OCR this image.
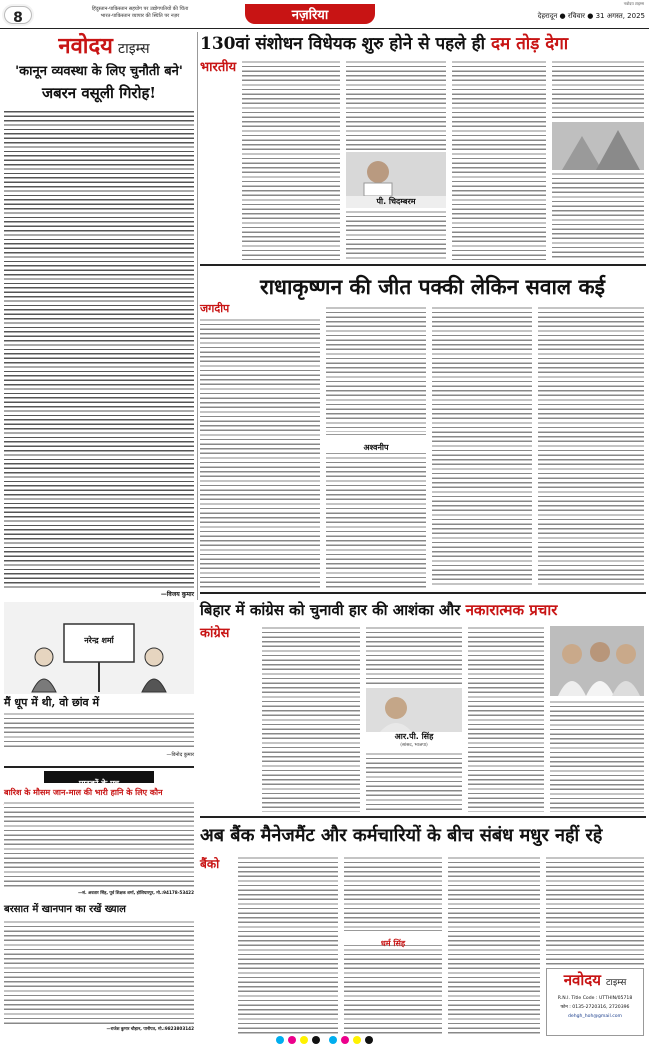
8
हिंदुस्तान-पाकिस्तान सहयोग पर उद्योगपतियों की चिंता
भारत-पाकिस्तान व्यापार की स्थिति पर नज़र	नज़रिया
नवोदय टाइम्स
देहरादून ● रविवार ● 31 अगस्त, 2025
नवोदय टाइम्स
'कानून व्यवस्था के लिए चुनौती बने'
जबरन वसूली गिरोह!
—विजय कुमार
नरेन्द्र शर्मा
मैं धूप में थी, वो छांव में
—विनोद कुमार
पाठकों के पत्र
बारिश के मौसम जान-माल की भारी हानि के लिए कौन
—सं. अवतार सिंह, पूर्व शिक्षक शर्मा, होशियारपुर, मो.:94178-53422
बरसात में खानपान का रखें ख्याल
—राजेश कुमार चौहान, पानीपत, मो.:9823803142
130वां संशोधन विधेयक शुरु होने से पहले ही दम तोड़ देगा
भारतीय
पी. चिदम्बरम
राधाकृष्णन की जीत पक्की लेकिन सवाल कई
जगदीप
अश्वनीप
बिहार में कांग्रेस को चुनावी हार की आशंका और नकारात्मक प्रचार
कांग्रेस
आर.पी. सिंह
(सांसद, भाजपा)
अब बैंक मैनेजमैंट और कर्मचारियों के बीच संबंध मधुर नहीं रहे
बैंको
धर्म सिंह
नवोदय टाइम्स
R.N.I. Title Code : UTTHIN/05718
फोन : 0135-2720316, 2720396
dehgh_hoh@gmail.com
